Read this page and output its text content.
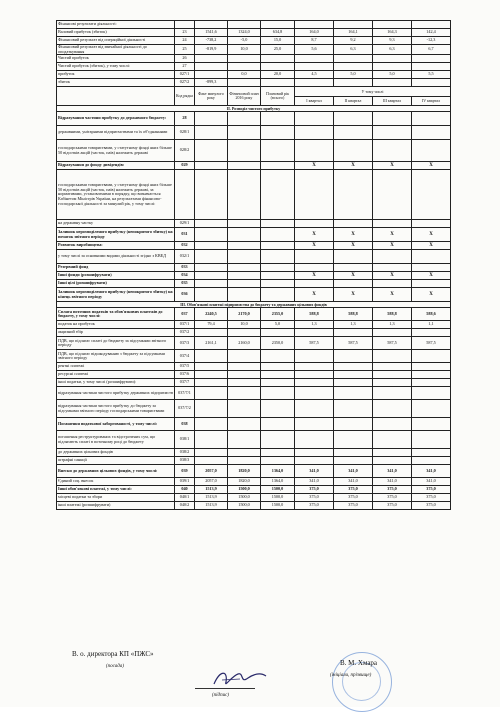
Фінансові результати діяльності:								
Валовий прибуток (збиток)	23	1541,6	1324,0	634,8	164,0	164,1	164,3	142,4
Фінансовий результат від операційної діяльності	24	-738,2	-5,0	15,0	8,7	9,2	9,3	-12,3
Фінансовий результат від звичайної діяльності до оподаткування	25	-819,9	10,0	25,0	5,6	6,3	6,3	6,7
Чистий прибуток	26							
Чистий прибуток (збиток), у тому числі:	27							
прибуток	027/1		0,0	20,0	4,5	5,0	5,0	5,5
збиток	027/2	-899,3						
	Код рядка	Факт минулого року	Фінансовий план 2016 року	Плановий рік (всього)	У тому числі			
					I квартал	II квартал	III квартал	IV квартал
II. Розподіл чистого прибутку								
Відрахування частини прибутку до державного бюджету:	28							
державними, унітарними підприємствами та їх об'єднаннями	028/1							
господарськими товариствами, у статутному фонді яких більше 50 відсотків акцій (часток, паїв) належить державі	028/2							
Відрахування до фонду дивідендів:	029				X	X	X	X
господарськими товариствами, у статутному фонді яких більше 50 відсотків акцій (часток, паїв) належить державі, за нормативами, установленими в порядку, що визначається Кабінетом Міністрів України, на результатами фінансово-господарської діяльності за минулий рік, у тому числі:								
на державну частку	029/1							
Залишок нерозподіленого прибутку (непокритого збитку) на початок звітного періоду	031				X	X	X	X
Розвиток виробництва:	032				X	X	X	X
у тому числі за основними видами діяльності згідно з КВЕД	032/1							
Резервний фонд	033							
Інші фонди (розшифрувати)	034				X	X	X	X
Інші цілі (розшифрувати)	035							
Залишок нерозподіленого прибутку (непокритого збитку) на кінець звітного періоду	036				X	X	X	X
III. Обов'язкові платежі підприємства до бюджету та державних цільових фондів								
Сплата поточних податків та обов'язкових платежів до бюджету, у тому числі:	037	2240,5	2170,0	2355,0	588,8	588,8	588,8	588,6
податок на прибуток	037/1	79,4	10,0	5,0	1,3	1,3	1,3	1,1
акцизний збір	037/2							
ПДВ, що підлягає сплаті до бюджету за підсумками звітного періоду	037/3	2161,1	2160,0	2350,0	587,5	587,5	587,5	587,5
ПДВ, що підлягає відшкодуванню з бюджету за підсумками звітного періоду	037/4							
рентні платежі	037/5							
ресурсні платежі	037/6							
інші податки, у тому числі (розшифрувати):	037/7							
відрахування частини чистого прибутку державних підприємств	037/7/1							
відрахування частини чистого прибутку до бюджету за підсумками звітного періоду господарськими товариствами	037/7/2							
Погашення податкової заборгованості, у тому числі:	038							
погашення реструктурованих та відстрочених сум, що підлягають сплаті в поточному році до бюджету	038/1							
до державних цільових фондів	038/2							
штрафні санкції	038/3							
Внески до державних цільових фондів, у тому числі:	039	2057,0	1820,0	1364,0	341,0	341,0	341,0	341,0
Єдиний соц. внесок	039/1	2057,0	1820,0	1364,0	341,0	341,0	341,0	341,0
Інші обов'язкові платежі, у тому числі:	040	1513,9	1500,0	1500,0	375,0	375,0	375,0	375,0
місцеві податки та збори	040/1	1513,9	1500,0	1500,0	375,0	375,0	375,0	375,0
інші платежі (розшифрувати)	040/2	1513,9	1500,0	1500,0	375,0	375,0	375,0	375,0
В. о. директора КП «ПЖС»
(посада)
(підпис)
В. М. Хмара
(ініціали, прізвище)
